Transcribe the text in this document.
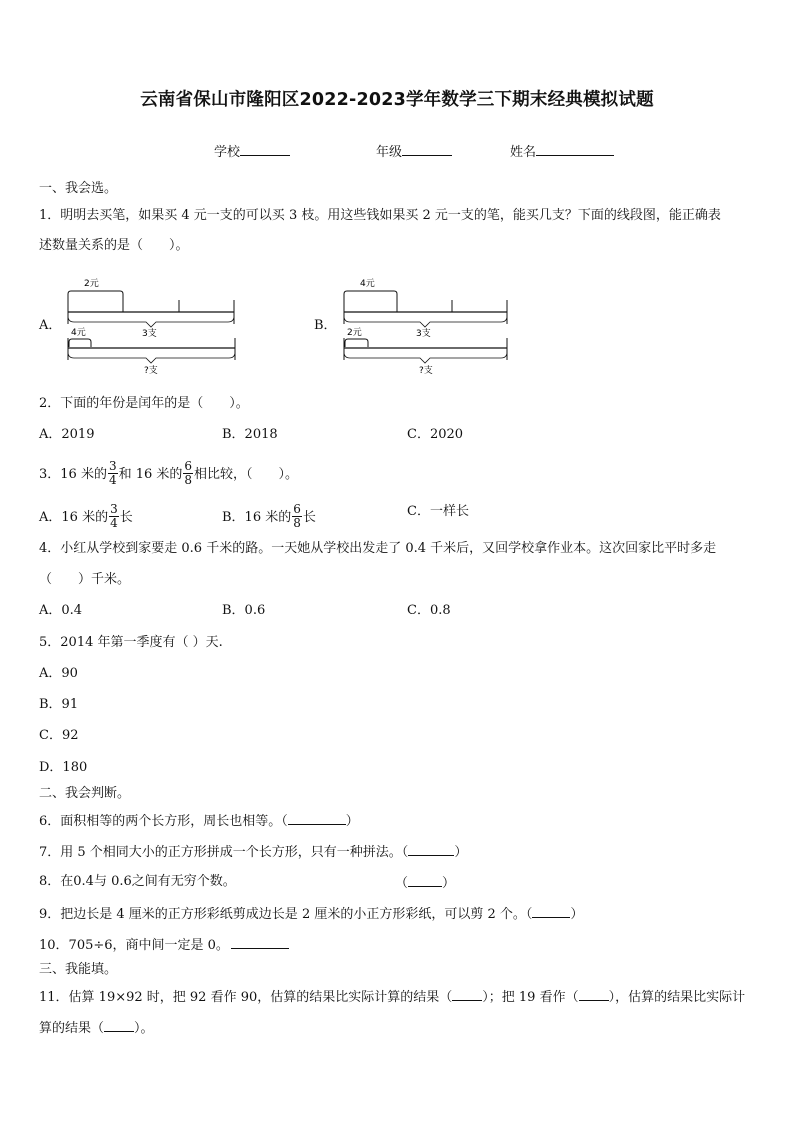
云南省保山市隆阳区2022-2023学年数学三下期末经典模拟试题
学校	年级	姓名
一、我会选。
1．明明去买笔，如果买 4 元一支的可以买 3 枝。用这些钱如果买 2 元一支的笔，能买几支？下面的线段图，能正确表
述数量关系的是（　　）。
A．
2元
3支
4元
?支
B．
4元
3支
2元
?支
2．下面的年份是闰年的是（　　）。
A．2019	B．2018	C．2020
3．16 米的 $\frac{3}{4}$ 和 16 米的 $\frac{6}{8}$ 相比较，（　　）。
A．16 米的 $\frac{3}{4}$ 长	B．16 米的 $\frac{6}{8}$ 长	C．一样长
4．小红从学校到家要走 0.6 千米的路。一天她从学校出发走了 0.4 千米后，又回学校拿作业本。这次回家比平时多走
（　　）千米。
A．0.4	B．0.6	C．0.8
5．2014 年第一季度有（ ）天.
A．90
B．91
C．92
D．180
二、我会判断。
6．面积相等的两个长方形，周长也相等。（	）
7．用 5 个相同大小的正方形拼成一个长方形，只有一种拼法。（	）
8．在0.4与 0.6之间有无穷个数。	（	）
9．把边长是 4 厘米的正方形彩纸剪成边长是 2 厘米的小正方形彩纸，可以剪 2 个。（	）
10．705÷6，商中间一定是 0。
三、我能填。
11．估算 19×92 时，把 92 看作 90，估算的结果比实际计算的结果（ ）；把 19 看作（ ），估算的结果比实际计
算的结果（ ）。
